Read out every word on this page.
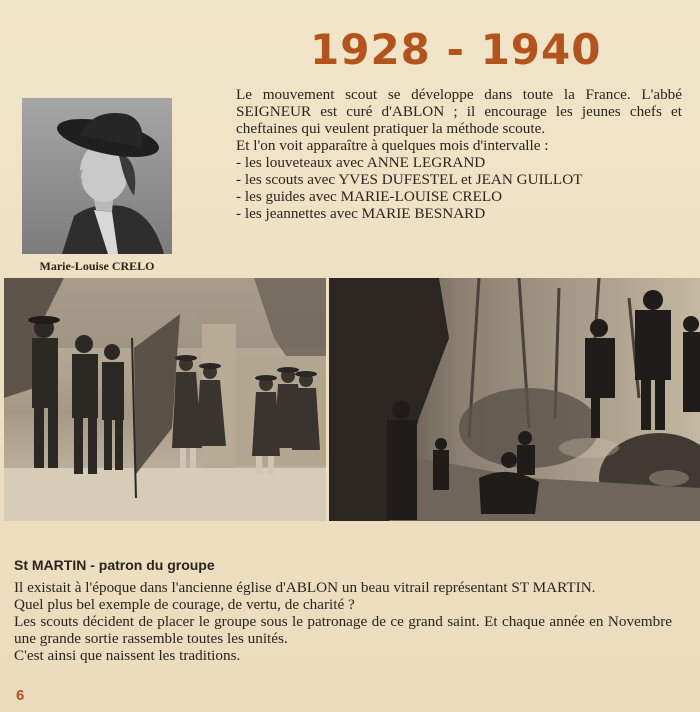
1928 - 1940
Marie-Louise CRELO

Le mouvement scout se développe dans toute la France. L'abbé SEIGNEUR est curé d'ABLON ; il encourage les jeunes chefs et cheftaines qui veulent pratiquer la méthode scoute.

Et l'on voit apparaître à quelques mois d'intervalle :

- les louveteaux avec ANNE LEGRAND
- les scouts avec YVES DUFESTEL et JEAN GUILLOT
- les guides avec MARIE-LOUISE CRELO
- les jeannettes avec MARIE BESNARD
St MARTIN - patron du groupe

Il existait à l'époque dans l'ancienne église d'ABLON un beau vitrail représentant ST MARTIN.

Quel plus bel exemple de courage, de vertu, de charité ?

Les scouts décident de placer le groupe sous le patronage de ce grand saint. Et chaque année en Novembre une grande sortie rassemble toutes les unités.

C'est ainsi que naissent les traditions.

6
